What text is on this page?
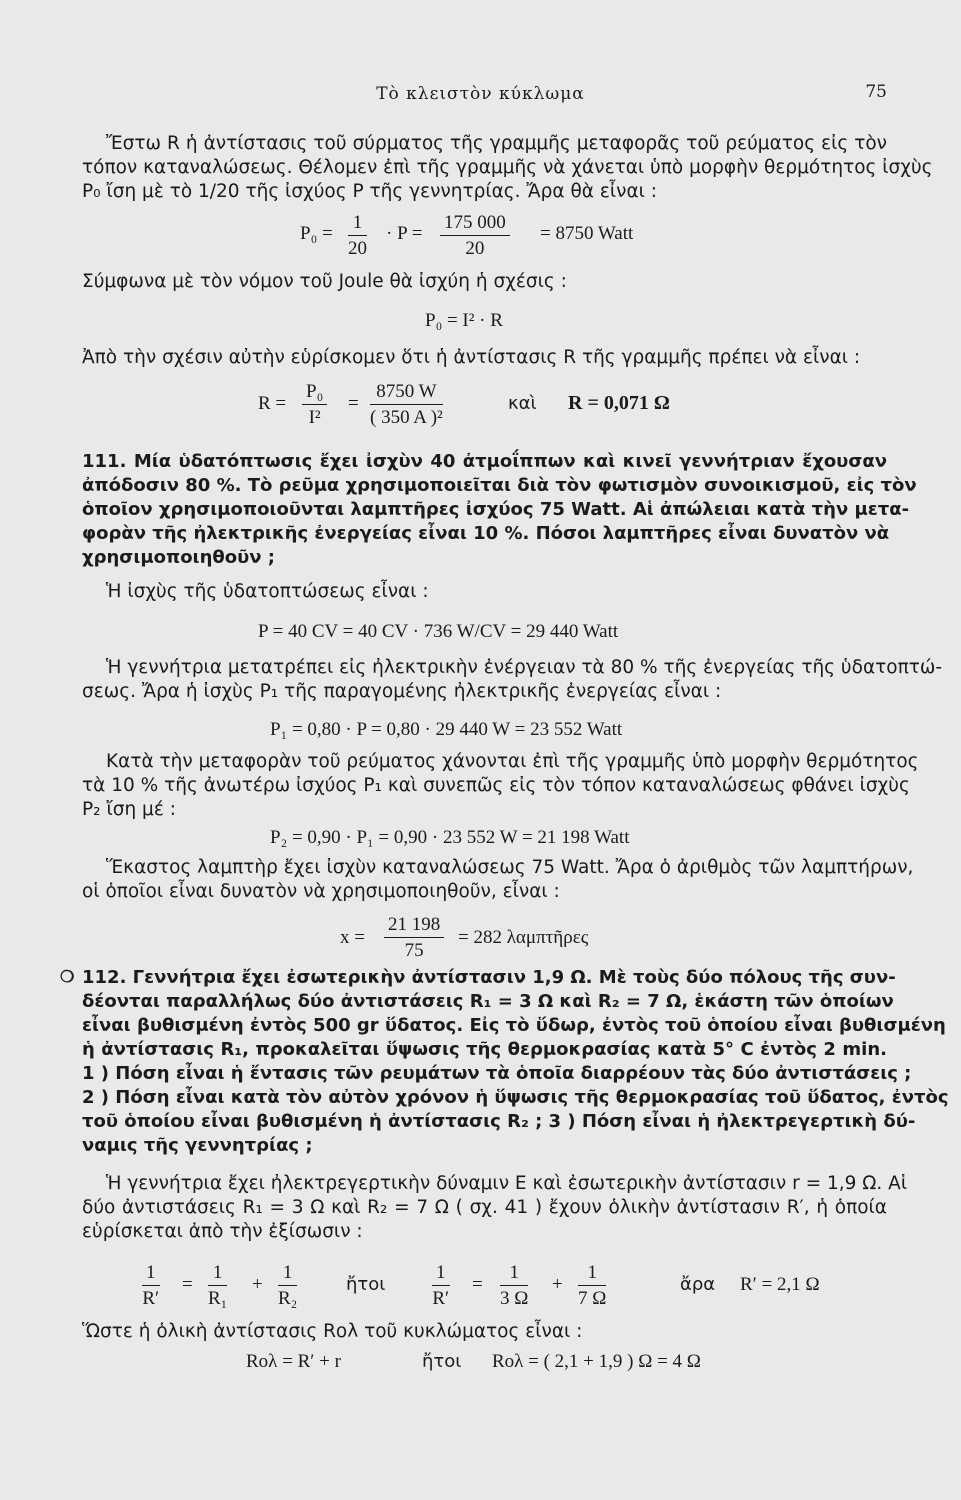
Τὸ κλειστὸν κύκλωμα	75
Ἔστω R ἡ ἀντίστασις τοῦ σύρματος τῆς γραμμῆς μεταφορᾶς τοῦ ρεύματος εἰς τὸν
τόπον καταναλώσεως. Θέλομεν ἐπὶ τῆς γραμμῆς νὰ χάνεται ὑπὸ μορφὴν θερμότητος ἰσχὺς
P₀ ἴση μὲ τὸ 1/20 τῆς ἰσχύος P τῆς γεννητρίας. Ἄρα θὰ εἶναι :
$P_0 = \frac{1}{20} \cdot P = \frac{175 000}{20} = 8750$ Watt
Σύμφωνα μὲ τὸν νόμον τοῦ Joule θὰ ἰσχύη ἡ σχέσις :
P₀ = I² · R
Ἀπὸ τὴν σχέσιν αὐτὴν εὑρίσκομεν ὅτι ἡ ἀντίστασις R τῆς γραμμῆς πρέπει νὰ εἶναι :
$R = \frac{\text{P₀}}{\text{I²}} = \frac{8750 W}{\text{( 350 A )²}}$	καὶ R = 0,071 Ω
111. Μία ὑδατόπτωσις ἔχει ἰσχὺν 40 ἀτμοΐππων καὶ κινεῖ γεννήτριαν ἔχουσαν
ἀπόδοσιν 80 %. Τὸ ρεῦμα χρησιμοποιεῖται διὰ τὸν φωτισμὸν συνοικισμοῦ, εἰς τὸν
ὁποῖον χρησιμοποιοῦνται λαμπτῆρες ἰσχύος 75 Watt. Αἱ ἀπώλειαι κατὰ τὴν μετα-
φορὰν τῆς ἠλεκτρικῆς ἐνεργείας εἶναι 10 %. Πόσοι λαμπτῆρες εἶναι δυνατὸν νὰ
χρησιμοποιηθοῦν ;
Ἡ ἰσχὺς τῆς ὑδατοπτώσεως εἶναι :
P = 40 CV = 40 CV · 736 W/CV = 29 440 Watt
Ἡ γεννήτρια μετατρέπει εἰς ἠλεκτρικὴν ἐνέργειαν τὰ 80 % τῆς ἐνεργείας τῆς ὑδατοπτώ-
σεως. Ἄρα ἡ ἰσχὺς P₁ τῆς παραγομένης ἠλεκτρικῆς ἐνεργείας εἶναι :
P₁ = 0,80 · P = 0,80 · 29 440 W = 23 552 Watt
Κατὰ τὴν μεταφορὰν τοῦ ρεύματος χάνονται ἐπὶ τῆς γραμμῆς ὑπὸ μορφὴν θερμότητος
τὰ 10 % τῆς ἀνωτέρω ἰσχύος P₁ καὶ συνεπῶς εἰς τὸν τόπον καταναλώσεως φθάνει ἰσχὺς
P₂ ἴση μέ :
P₂ = 0,90 · P₁ = 0,90 · 23 552 W = 21 198 Watt
Ἕκαστος λαμπτὴρ ἔχει ἰσχὺν καταναλώσεως 75 Watt. Ἄρα ὁ ἀριθμὸς τῶν λαμπτήρων,
οἱ ὁποῖοι εἶναι δυνατὸν νὰ χρησιμοποιηθοῦν, εἶναι :
$x = \frac{21 198}{75} = 282$ λαμπτῆρες
❍ 112. Γεννήτρια ἔχει ἐσωτερικὴν ἀντίστασιν 1,9 Ω. Μὲ τοὺς δύο πόλους τῆς συν-
δέονται παραλλήλως δύο ἀντιστάσεις R₁ = 3 Ω καὶ R₂ = 7 Ω, ἑκάστη τῶν ὁποίων
εἶναι βυθισμένη ἐντὸς 500 gr ὕδατος. Εἰς τὸ ὕδωρ, ἐντὸς τοῦ ὁποίου εἶναι βυθισμένη
ἡ ἀντίστασις R₁, προκαλεῖται ὕψωσις τῆς θερμοκρασίας κατὰ 5° C ἐντὸς 2 min.
1 ) Πόση εἶναι ἡ ἔντασις τῶν ρευμάτων τὰ ὁποῖα διαρρέουν τὰς δύο ἀντιστάσεις ;
2 ) Πόση εἶναι κατὰ τὸν αὐτὸν χρόνον ἡ ὕψωσις τῆς θερμοκρασίας τοῦ ὕδατος, ἐντὸς
τοῦ ὁποίου εἶναι βυθισμένη ἡ ἀντίστασις R₂ ; 3 ) Πόση εἶναι ἡ ἠλεκτρεγερτικὴ δύ-
ναμις τῆς γεννητρίας ;
Ἡ γεννήτρια ἔχει ἠλεκτρεγερτικὴν δύναμιν E καὶ ἐσωτερικὴν ἀντίστασιν r = 1,9 Ω. Αἱ
δύο ἀντιστάσεις R₁ = 3 Ω καὶ R₂ = 7 Ω ( σχ. 41 ) ἔχουν ὁλικὴν ἀντίστασιν R′, ἡ ὁποία
εὑρίσκεται ἀπὸ τὴν ἐξίσωσιν :
$\frac{1}{R'} = \frac{1}{\text{R₁}} + \frac{1}{\text{R₂}}$	ἤτοι $\frac{1}{R'} = \frac{1}{3 \Omega} + \frac{1}{7 \Omega}$	ἄρα R′ = 2,1 Ω
Ὥστε ἡ ὁλικὴ ἀντίστασις Rολ τοῦ κυκλώματος εἶναι :
Rολ = R′ + r	ἤτοι Rολ = ( 2,1 + 1,9 ) Ω = 4 Ω
